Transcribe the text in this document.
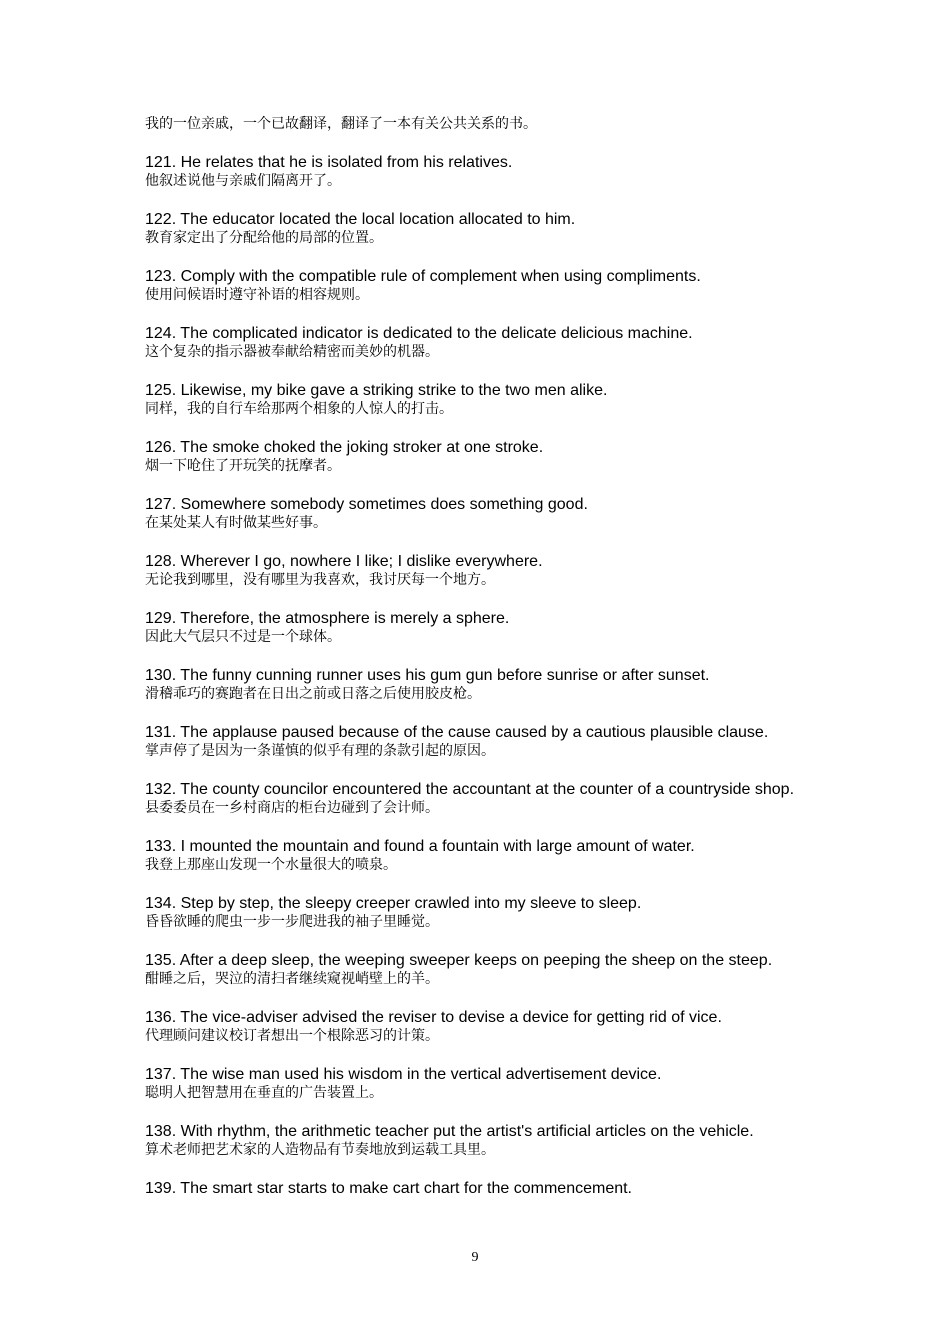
我的一位亲戚，一个已故翻译，翻译了一本有关公共关系的书。

121. He relates that he is isolated from his relatives.
他叙述说他与亲戚们隔离开了。
122. The educator located the local location allocated to him.
教育家定出了分配给他的局部的位置。
123. Comply with the compatible rule of complement when using compliments.
使用问候语时遵守补语的相容规则。
124. The complicated indicator is dedicated to the delicate delicious machine.
这个复杂的指示器被奉献给精密而美妙的机器。
125. Likewise, my bike gave a striking strike to the two men alike.
同样，我的自行车给那两个相象的人惊人的打击。
126. The smoke choked the joking stroker at one stroke.
烟一下呛住了开玩笑的抚摩者。
127. Somewhere somebody sometimes does something good.
在某处某人有时做某些好事。
128. Wherever I go, nowhere I like; I dislike everywhere.
无论我到哪里，没有哪里为我喜欢，我讨厌每一个地方。
129. Therefore, the atmosphere is merely a sphere.
因此大气层只不过是一个球体。
130. The funny cunning runner uses his gum gun before sunrise or after sunset.
滑稽乖巧的赛跑者在日出之前或日落之后使用胶皮枪。
131. The applause paused because of the cause caused by a cautious plausible clause.
掌声停了是因为一条谨慎的似乎有理的条款引起的原因。
132. The county councilor encountered the accountant at the counter of a countryside shop.
县委委员在一乡村商店的柜台边碰到了会计师。
133. I mounted the mountain and found a fountain with large amount of water.
我登上那座山发现一个水量很大的喷泉。
134. Step by step, the sleepy creeper crawled into my sleeve to sleep.
昏昏欲睡的爬虫一步一步爬进我的袖子里睡觉。
135. After a deep sleep, the weeping sweeper keeps on peeping the sheep on the steep.
酣睡之后，哭泣的清扫者继续窥视峭壁上的羊。
136. The vice-adviser advised the reviser to devise a device for getting rid of vice.
代理顾问建议校订者想出一个根除恶习的计策。
137. The wise man used his wisdom in the vertical advertisement device.
聪明人把智慧用在垂直的广告装置上。
138. With rhythm, the arithmetic teacher put the artist's artificial articles on the vehicle.
算术老师把艺术家的人造物品有节奏地放到运载工具里。
139. The smart star starts to make cart chart for the commencement.
9
